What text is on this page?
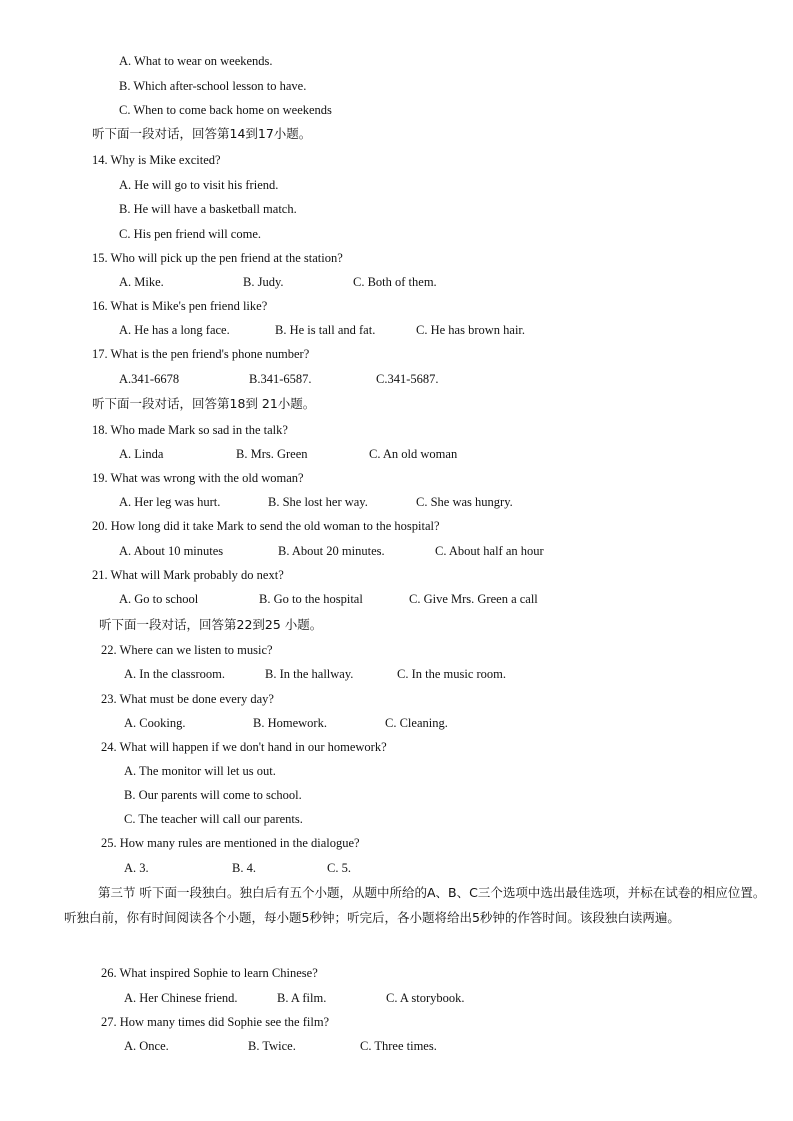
A. What to wear on weekends.
B. Which after-school lesson to have.
C. When to come back home on weekends
听下面一段对话，回答第14到17小题。
14. Why is Mike excited?
A. He will go to visit his friend.
B. He will have a basketball match.
C. His pen friend will come.
15. Who will pick up the pen friend at the station?
A. Mike.	B. Judy.	C. Both of them.
16. What is Mike's pen friend like?
A. He has a long face.	B. He is tall and fat.	C. He has brown hair.
17. What is the pen friend's phone number?
A.341-6678	B.341-6587.	C.341-5687.
听下面一段对话，回答第18到 21小题。
18. Who made Mark so sad in the talk?
A. Linda	B. Mrs. Green	C. An old woman
19. What was wrong with the old woman?
A. Her leg was hurt.	B. She lost her way.	C. She was hungry.
20. How long did it take Mark to send the old woman to the hospital?
A. About 10 minutes	B. About 20 minutes.	C. About half an hour
21. What will Mark probably do next?
A. Go to school	B. Go to the hospital	C. Give Mrs. Green a call
听下面一段对话，回答第22到25 小题。
22. Where can we listen to music?
A. In the classroom.	B. In the hallway.	C. In the music room.
23. What must be done every day?
A. Cooking.	B. Homework.	C. Cleaning.
24. What will happen if we don't hand in our homework?
A. The monitor will let us out.
B. Our parents will come to school.
C. The teacher will call our parents.
25. How many rules are mentioned in the dialogue?
A. 3.	B. 4.	C. 5.
第三节 听下面一段独白。独白后有五个小题，从题中所给的A、B、C三个选项中选出最佳选项，并标在试卷的相应位置。听独白前，你有时间阅读各个小题，每小题5秒钟；听完后，各小题将给出5秒钟的作答时间。该段独白读两遍。
26. What inspired Sophie to learn Chinese?
A. Her Chinese friend.	B. A film.	C. A storybook.
27. How many times did Sophie see the film?
A. Once.	B. Twice.	C. Three times.
